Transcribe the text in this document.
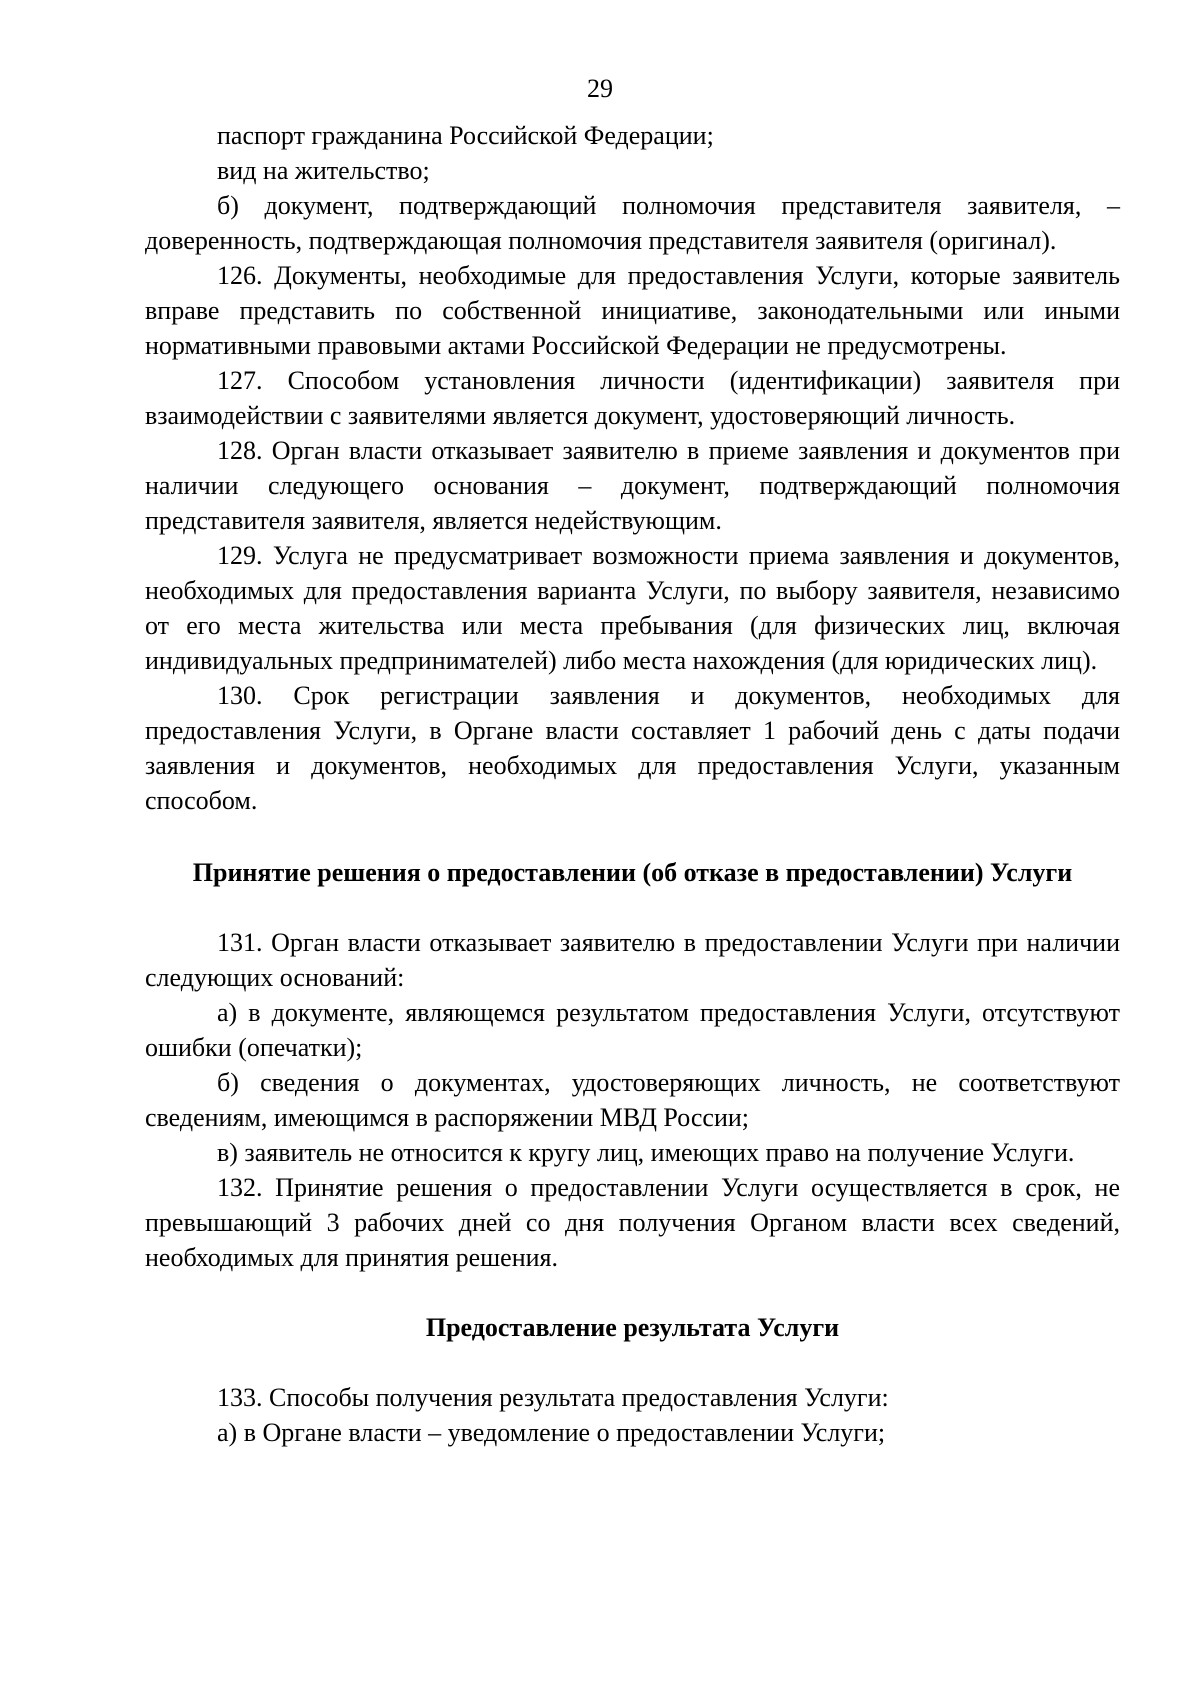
29

паспорт гражданина Российской Федерации;

вид на жительство;

б) документ, подтверждающий полномочия представителя заявителя, – доверенность, подтверждающая полномочия представителя заявителя (оригинал).

126. Документы, необходимые для предоставления Услуги, которые заявитель вправе представить по собственной инициативе, законодательными или иными нормативными правовыми актами Российской Федерации не предусмотрены.

127. Способом установления личности (идентификации) заявителя при взаимодействии с заявителями является документ, удостоверяющий личность.

128. Орган власти отказывает заявителю в приеме заявления и документов при наличии следующего основания – документ, подтверждающий полномочия представителя заявителя, является недействующим.

129. Услуга не предусматривает возможности приема заявления и документов, необходимых для предоставления варианта Услуги, по выбору заявителя, независимо от его места жительства или места пребывания (для физических лиц, включая индивидуальных предпринимателей) либо места нахождения (для юридических лиц).

130. Срок регистрации заявления и документов, необходимых для предоставления Услуги, в Органе власти составляет 1 рабочий день с даты подачи заявления и документов, необходимых для предоставления Услуги, указанным способом.

Принятие решения о предоставлении (об отказе в предоставлении) Услуги

131. Орган власти отказывает заявителю в предоставлении Услуги при наличии следующих оснований:

а) в документе, являющемся результатом предоставления Услуги, отсутствуют ошибки (опечатки);

б) сведения о документах, удостоверяющих личность, не соответствуют сведениям, имеющимся в распоряжении МВД России;

в) заявитель не относится к кругу лиц, имеющих право на получение Услуги.

132. Принятие решения о предоставлении Услуги осуществляется в срок, не превышающий 3 рабочих дней со дня получения Органом власти всех сведений, необходимых для принятия решения.

Предоставление результата Услуги

133. Способы получения результата предоставления Услуги:

а) в Органе власти – уведомление о предоставлении Услуги;
